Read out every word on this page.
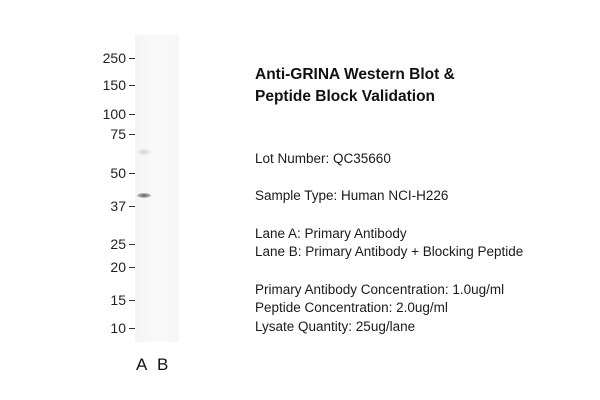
250
150
100
75
50
37
25
20
15
10
A B
Anti-GRINA Western Blot &
Peptide Block Validation
Lot Number: QC35660
Sample Type: Human NCI-H226
Lane A: Primary Antibody
Lane B: Primary Antibody + Blocking Peptide
Primary Antibody Concentration: 1.0ug/ml
Peptide Concentration: 2.0ug/ml
Lysate Quantity: 25ug/lane
